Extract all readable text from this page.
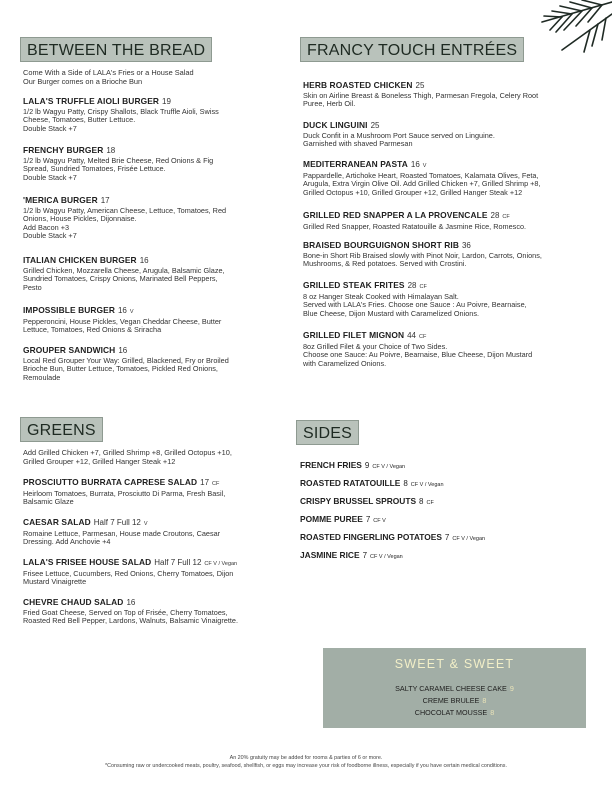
BETWEEN THE BREAD
Come With a Side of LALA's Fries or a House Salad
Our Burger comes on a Brioche Bun
LALA'S TRUFFLE AIOLI BURGER 19
1/2 lb Wagyu Patty, Crispy Shallots, Black Truffle Aioli, Swiss
Cheese, Tomatoes, Butter Lettuce.
Double Stack +7
FRENCHY BURGER 18
1/2 lb Wagyu Patty, Melted Brie Cheese, Red Onions & Fig
Spread, Sundried Tomatoes, Frisée Lettuce.
Double Stack +7
'MERICA BURGER 17
1/2 lb Wagyu Patty, American Cheese, Lettuce, Tomatoes, Red
Onions, House Pickles, Dijonnaise.
Add Bacon +3
Double Stack +7
ITALIAN CHICKEN BURGER 16
Grilled Chicken, Mozzarella Cheese, Arugula, Balsamic Glaze,
Sundried Tomatoes, Crispy Onions, Marinated Bell Peppers,
Pesto
IMPOSSIBLE BURGER 16 V
Pepperoncini, House Pickles, Vegan Cheddar Cheese, Butter
Lettuce, Tomatoes, Red Onions & Sriracha
GROUPER SANDWICH 16
Local Red Grouper Your Way: Grilled, Blackened, Fry or Broiled
Brioche Bun, Butter Lettuce, Tomatoes, Pickled Red Onions,
Remoulade
FRANCY TOUCH ENTRÉES
HERB ROASTED CHICKEN 25
Skin on Airline Breast & Boneless Thigh, Parmesan Fregola, Celery Root
Puree, Herb Oil.
DUCK LINGUINI 25
Duck Confit in a Mushroom Port Sauce served on Linguine.
Garnished with shaved Parmesan
MEDITERRANEAN PASTA 16 V
Pappardelle, Artichoke Heart, Roasted Tomatoes, Kalamata Olives, Feta,
Arugula, Extra Virgin Olive Oil. Add Grilled Chicken +7, Grilled Shrimp +8,
Grilled Octopus +10, Grilled Grouper +12, Grilled Hanger Steak +12
GRILLED RED SNAPPER A LA PROVENCALE 28 CF
Grilled Red Snapper, Roasted Ratatouille & Jasmine Rice, Romesco.
BRAISED BOURGUIGNON SHORT RIB 36
Bone-in Short Rib Braised slowly with Pinot Noir, Lardon, Carrots, Onions,
Mushrooms, & Red potatoes. Served with Crostini.
GRILLED STEAK FRITES 28 CF
8 oz Hanger Steak Cooked with Himalayan Salt.
Served with LALA's Fries. Choose one Sauce : Au Poivre, Bearnaise,
Blue Cheese, Dijon Mustard with Caramelized Onions.
GRILLED FILET MIGNON 44 CF
8oz Grilled Filet & your Choice of Two Sides.
Choose one Sauce: Au Poivre, Bearnaise, Blue Cheese, Dijon Mustard
with Caramelized Onions.
GREENS
Add Grilled Chicken +7, Grilled Shrimp +8, Grilled Octopus +10,
Grilled Grouper +12, Grilled Hanger Steak +12
PROSCIUTTO BURRATA CAPRESE SALAD 17 CF
Heirloom Tomatoes, Burrata, Prosciutto Di Parma, Fresh Basil,
Balsamic Glaze
CAESAR SALAD Half 7 Full 12 V
Romaine Lettuce, Parmesan, House made Croutons, Caesar
Dressing. Add Anchovie +4
LALA'S FRISEE HOUSE SALAD Half 7 Full 12 CF V / Vegan
Frisee Lettuce, Cucumbers, Red Onions, Cherry Tomatoes, Dijon
Mustard Vinaigrette
CHEVRE CHAUD SALAD 16
Fried Goat Cheese, Served on Top of Frisée, Cherry Tomatoes,
Roasted Red Bell Pepper, Lardons, Walnuts, Balsamic Vinaigrette.
SIDES
FRENCH FRIES 9 CF V / Vegan
ROASTED RATATOUILLE 8 CF V / Vegan
CRISPY BRUSSEL SPROUTS 8 CF
POMME PUREE 7 CF V
ROASTED FINGERLING POTATOES 7 CF V / Vegan
JASMINE RICE 7 CF V / Vegan
SWEET & SWEET
SALTY CARAMEL CHEESE CAKE 9
CREME BRULEE 8
CHOCOLAT MOUSSE 8
An 20% gratuity may be added for rooms & parties of 6 or more.
*Consuming raw or undercooked meats, poultry, seafood, shellfish, or eggs may increase your risk of foodborne illness, especially if you have certain medical conditions.
